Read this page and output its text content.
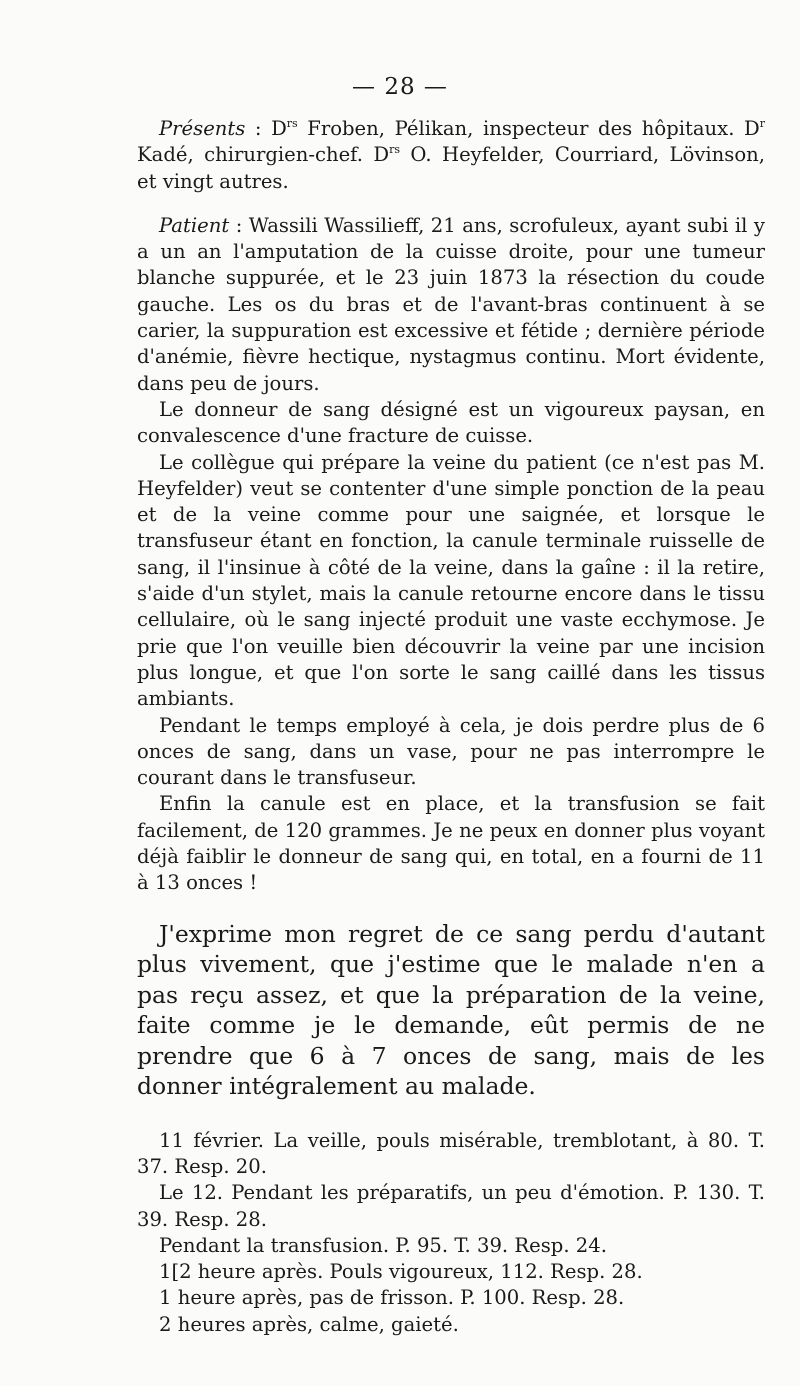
— 28 —

Présents : $D^{rs}$ Froben, Pélikan, inspecteur des hôpitaux. $D^r$ Kadé, chirurgien-chef. $D^{rs}$ O. Heyfelder, Courriard, Lövinson, et vingt autres.

Patient : Wassili Wassilieff, 21 ans, scrofuleux, ayant subi il y a un an l'amputation de la cuisse droite, pour une tumeur blanche suppurée, et le 23 juin 1873 la résection du coude gauche. Les os du bras et de l'avant-bras continuent à se carier, la suppuration est excessive et fétide ; dernière période d'anémie, fièvre hectique, nystagmus continu. Mort évidente, dans peu de jours.

Le donneur de sang désigné est un vigoureux paysan, en convalescence d'une fracture de cuisse.

Le collègue qui prépare la veine du patient (ce n'est pas M. Heyfelder) veut se contenter d'une simple ponction de la peau et de la veine comme pour une saignée, et lorsque le transfuseur étant en fonction, la canule terminale ruisselle de sang, il l'insinue à côté de la veine, dans la gaîne : il la retire, s'aide d'un stylet, mais la canule retourne encore dans le tissu cellulaire, où le sang injecté produit une vaste ecchymose. Je prie que l'on veuille bien découvrir la veine par une incision plus longue, et que l'on sorte le sang caillé dans les tissus ambiants.

Pendant le temps employé à cela, je dois perdre plus de 6 onces de sang, dans un vase, pour ne pas interrompre le courant dans le transfuseur.

Enfin la canule est en place, et la transfusion se fait facilement, de 120 grammes. Je ne peux en donner plus voyant déjà faiblir le donneur de sang qui, en total, en a fourni de 11 à 13 onces !

J'exprime mon regret de ce sang perdu d'autant plus vivement, que j'estime que le malade n'en a pas reçu assez, et que la préparation de la veine, faite comme je le demande, eût permis de ne prendre que 6 à 7 onces de sang, mais de les donner intégralement au malade.

11 février. La veille, pouls misérable, tremblotant, à 80. T. 37. Resp. 20.

Le 12. Pendant les préparatifs, un peu d'émotion. P. 130. T. 39. Resp. 28.

Pendant la transfusion. P. 95. T. 39. Resp. 24.

1[2 heure après. Pouls vigoureux, 112. Resp. 28.

1 heure après, pas de frisson. P. 100. Resp. 28.

2 heures après, calme, gaieté.
